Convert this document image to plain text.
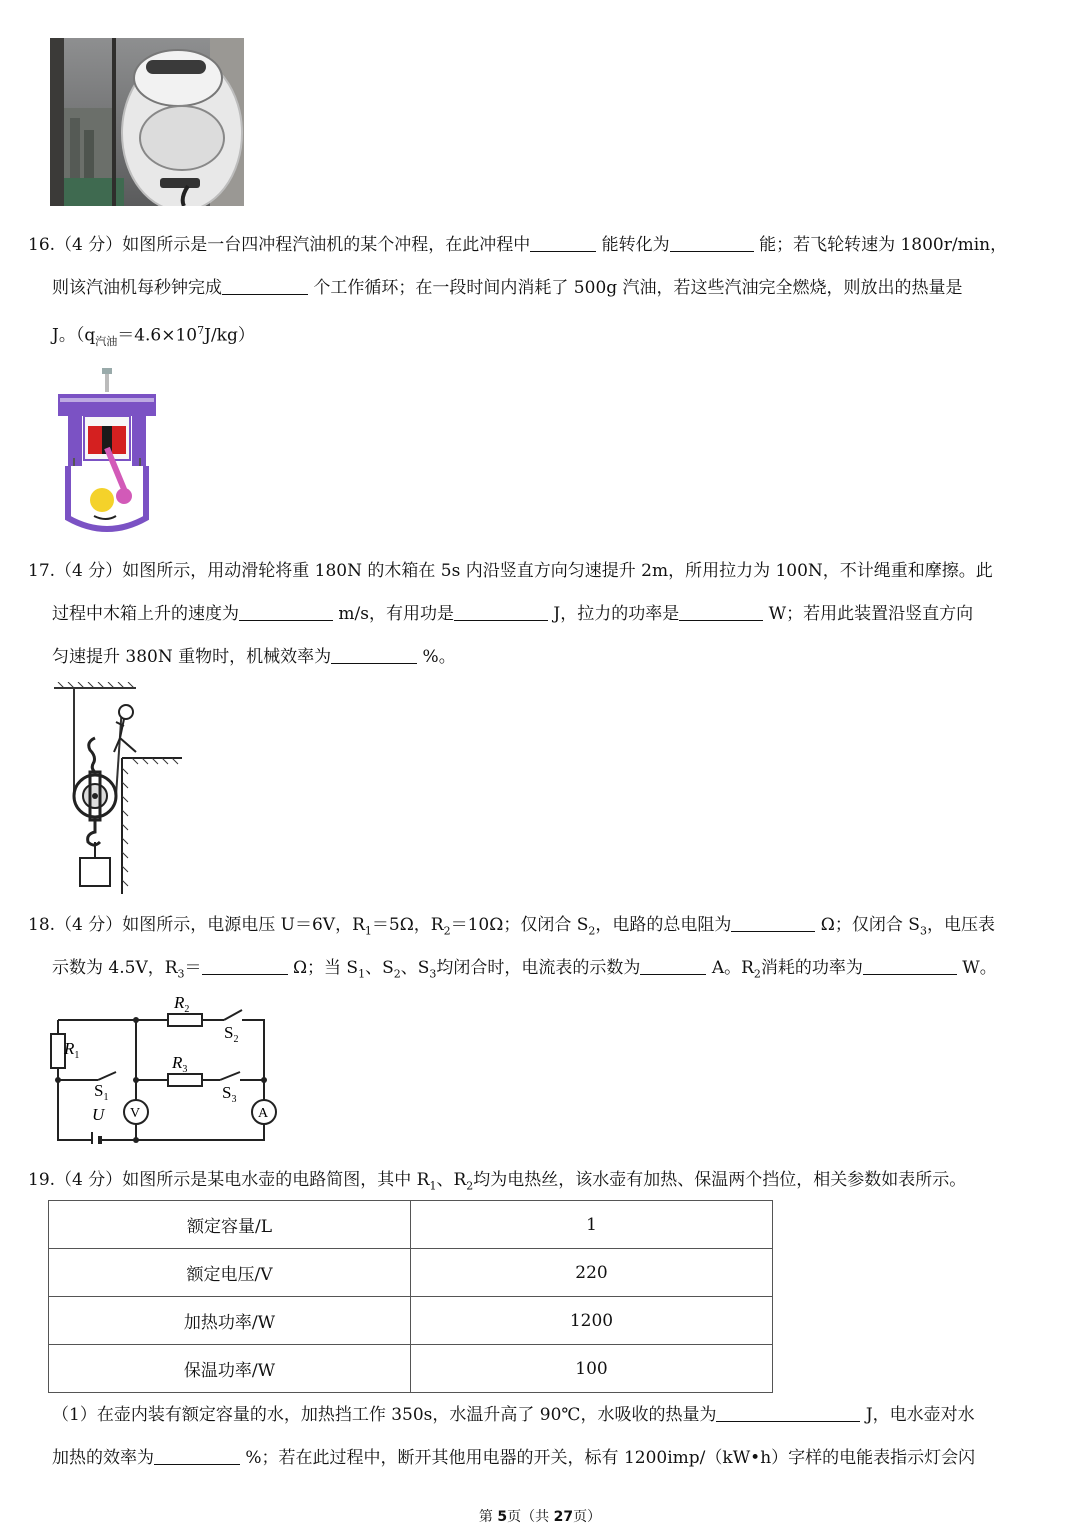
16.（4 分）如图所示是一台四冲程汽油机的某个冲程，在此冲程中	能转化为	能；若飞轮转速为 1800r/min，
则该汽油机每秒钟完成	个工作循环；在一段时间内消耗了 500g 汽油，若这些汽油完全燃烧，则放出的热量是
J。$(q_{汽油}=4.6\times 10^7J/kg)$
17.（4 分）如图所示，用动滑轮将重 180N 的木箱在 5s 内沿竖直方向匀速提升 2m，所用拉力为 100N，不计绳重和摩擦。此
过程中木箱上升的速度为	m/s，有用功是	J，拉力的功率是	W；若用此装置沿竖直方向
匀速提升 380N 重物时，机械效率为	%。
18.（4 分）如图所示，电源电压 U＝6V，$R_1=5\Omega$，$R_2=10\Omega$；仅闭合 $S_2$，电路的总电阻为	Ω；仅闭合 $S_3$，电压表
示数为 4.5V，$R_3=$	Ω；当 $S_1$、$S_2$、$S_3$均闭合时，电流表的示数为	A。$R_2$消耗的功率为	W。
$R_1$
$R_2$
$R_3$
$S_2$
$S_3$
$S_1$
U V	A
19.（4 分）如图所示是某电水壶的电路简图，其中 $R_1$、$R_2$均为电热丝，该水壶有加热、保温两个挡位，相关参数如表所示。
额定容量/L	1
额定电压/V	220
加热功率/W	1200
保温功率/W	100
（1）在壶内装有额定容量的水，加热挡工作 350s，水温升高了 90℃，水吸收的热量为	J，电水壶对水
加热的效率为	%；若在此过程中，断开其他用电器的开关，标有 1200imp/（kW•h）字样的电能表指示灯会闪
第 5页（共 27页）
